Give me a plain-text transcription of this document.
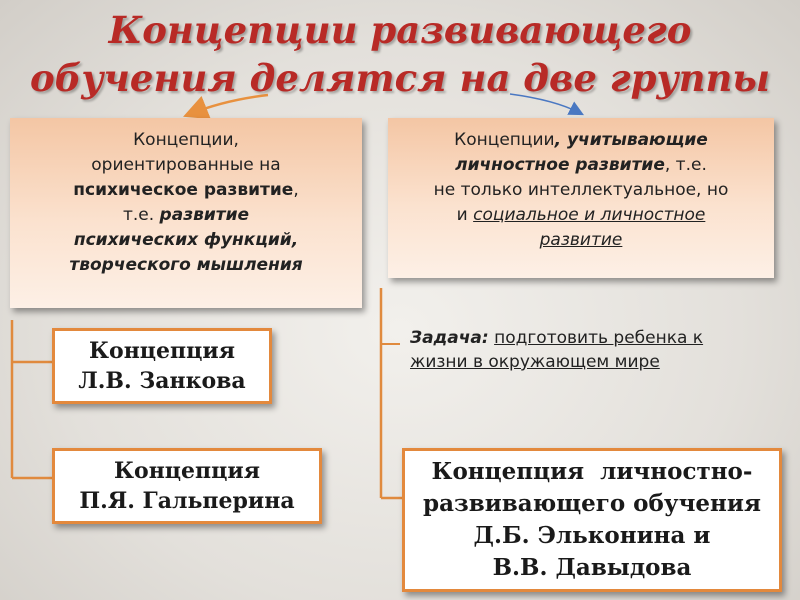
Концепции развивающего
обучения делятся на две группы
Концепции,
ориентированные на
психическое развитие,
т.е. развитие
психических функций,
творческого мышления
Концепции, учитывающие
личностное развитие, т.е.
не только интеллектуальное, но
и социальное и личностное
развитие
Концепция
Л.В. Занкова
Концепция
П.Я. Гальперина
Задача: подготовить ребенка к
жизни в окружающем мире
Концепция  личностно-
развивающего обучения
Д.Б. Эльконина и
В.В. Давыдова
